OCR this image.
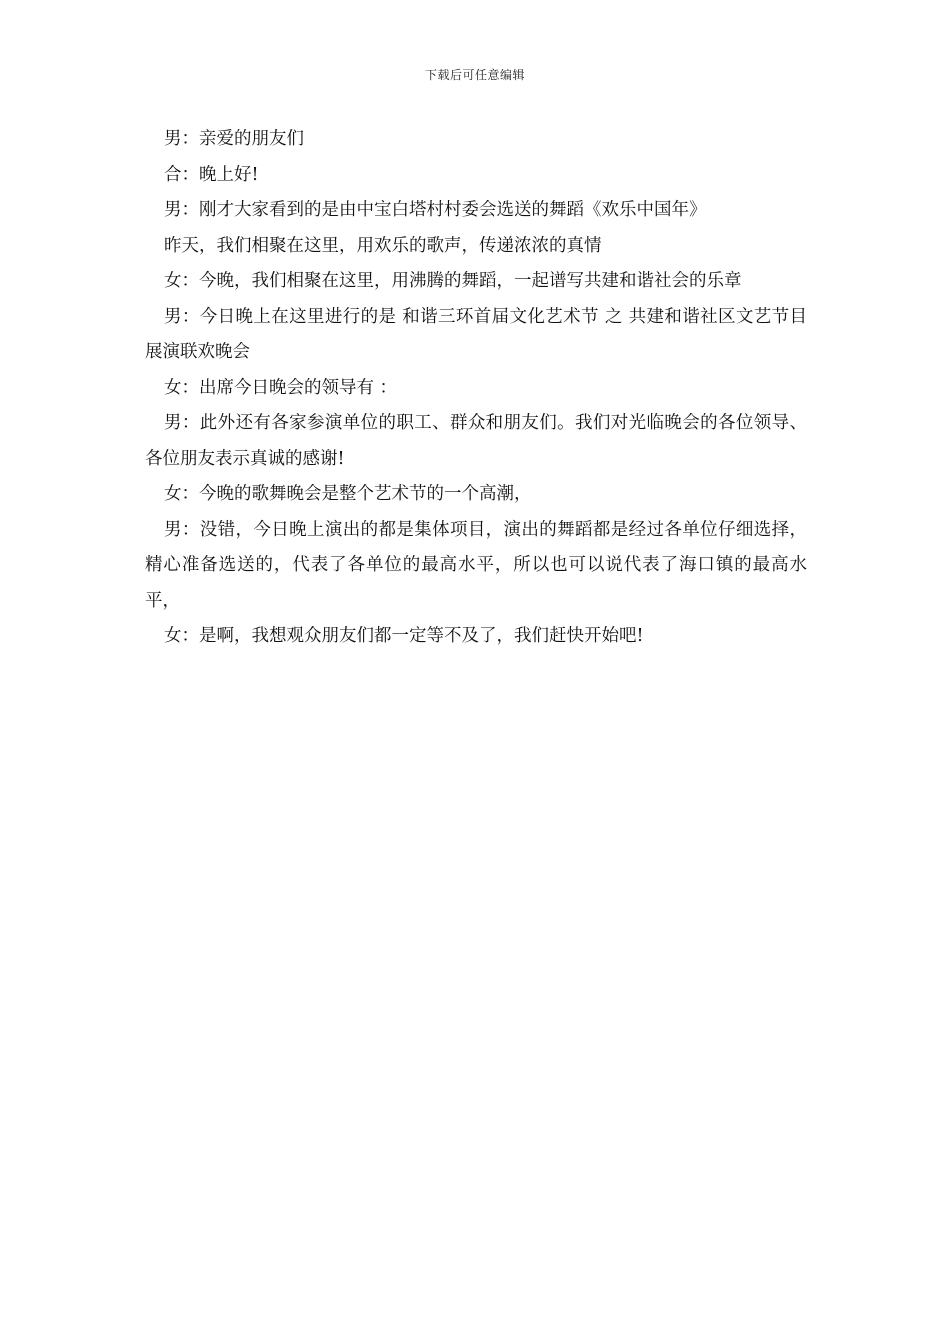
下载后可任意编辑

男：亲爱的朋友们

合：晚上好!

男：刚才大家看到的是由中宝白塔村村委会选送的舞蹈《欢乐中国年》

昨天，我们相聚在这里，用欢乐的歌声，传递浓浓的真情

女：今晚，我们相聚在这里，用沸腾的舞蹈，一起谱写共建和谐社会的乐章

男：今日晚上在这里进行的是 和谐三环首届文化艺术节 之 共建和谐社区文艺节目展演联欢晚会

女：出席今日晚会的领导有 ：

男：此外还有各家参演单位的职工、群众和朋友们。我们对光临晚会的各位领导、各位朋友表示真诚的感谢!

女：今晚的歌舞晚会是整个艺术节的一个高潮，

男：没错，今日晚上演出的都是集体项目，演出的舞蹈都是经过各单位仔细选择，精心准备选送的，代表了各单位的最高水平，所以也可以说代表了海口镇的最高水平，

女：是啊，我想观众朋友们都一定等不及了，我们赶快开始吧!
